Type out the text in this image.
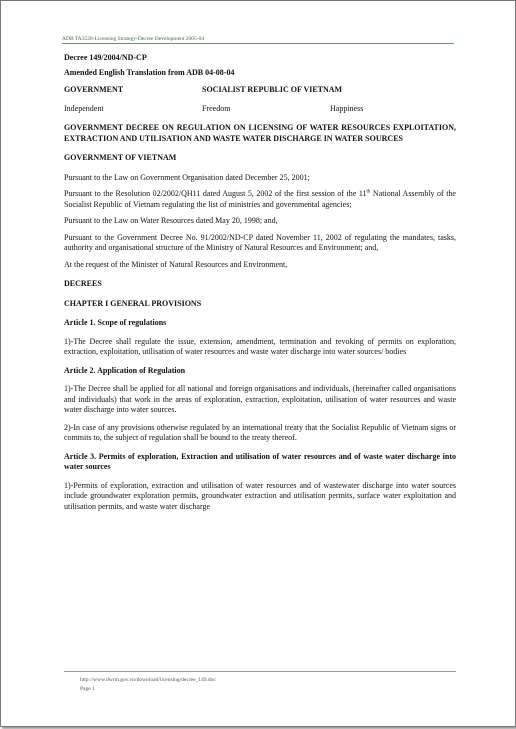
ADB TA3528-Licensing Strategy-Decree Development 2005-04
Decree 149/2004/ND-CP
Amended English Translation from ADB 04-08-04
GOVERNMENT	SOCIALIST REPUBLIC OF VIETNAM
Independent	Freedom	Happiness

GOVERNMENT DECREE ON REGULATION ON LICENSING OF WATER RESOURCES EXPLOITATION, EXTRACTION AND UTILISATION AND WASTE WATER DISCHARGE IN WATER SOURCES

GOVERNMENT OF VIETNAM

Pursuant to the Law on Government Organisation dated December 25, 2001;

Pursuant to the Resolution 02/2002/QH11 dated August 5, 2002 of the first session of the 11th National Assembly of the Socialist Republic of Vietnam regulating the list of ministries and governmental agencies;

Pursuant to the Law on Water Resources dated May 20, 1998; and,

Pursuant to the Government Decree No. 91/2002/ND-CP dated November 11, 2002 of regulating the mandates, tasks, authority and organisational structure of the Ministry of Natural Resources and Environment; and,

At the request of the Minister of Natural Resources and Environment,

DECREES
CHAPTER I GENERAL PROVISIONS
Article 1. Scope of regulations

1)-The Decree shall regulate the issue, extension, amendment, termination and revoking of permits on exploration, extraction, exploitation, utilisation of water resources and waste water discharge into water sources/ bodies

Article 2. Application of Regulation

1)-The Decree shall be applied for all national and foreign organisations and individuals, (hereinafter called organisations and individuals) that work in the areas of exploration, extraction, exploitation, utilisation of water resources and waste water discharge into water sources.

2)-In case of any provisions otherwise regulated by an international treaty that the Socialist Republic of Vietnam signs or commits to, the subject of regulation shall be bound to the treaty thereof.

Article 3. Permits of exploration, Extraction and utilisation of water resources and of waste water discharge into water sources

1)-Permits of exploration, extraction and utilisation of water resources and of wastewater discharge into water sources include groundwater exploration permits, groundwater extraction and utilisation permits, surface water exploitation and utilisation permits, and waste water discharge

http://www.dwrm.gov.vn/download/licensing/decree_149.doc
Page 1
